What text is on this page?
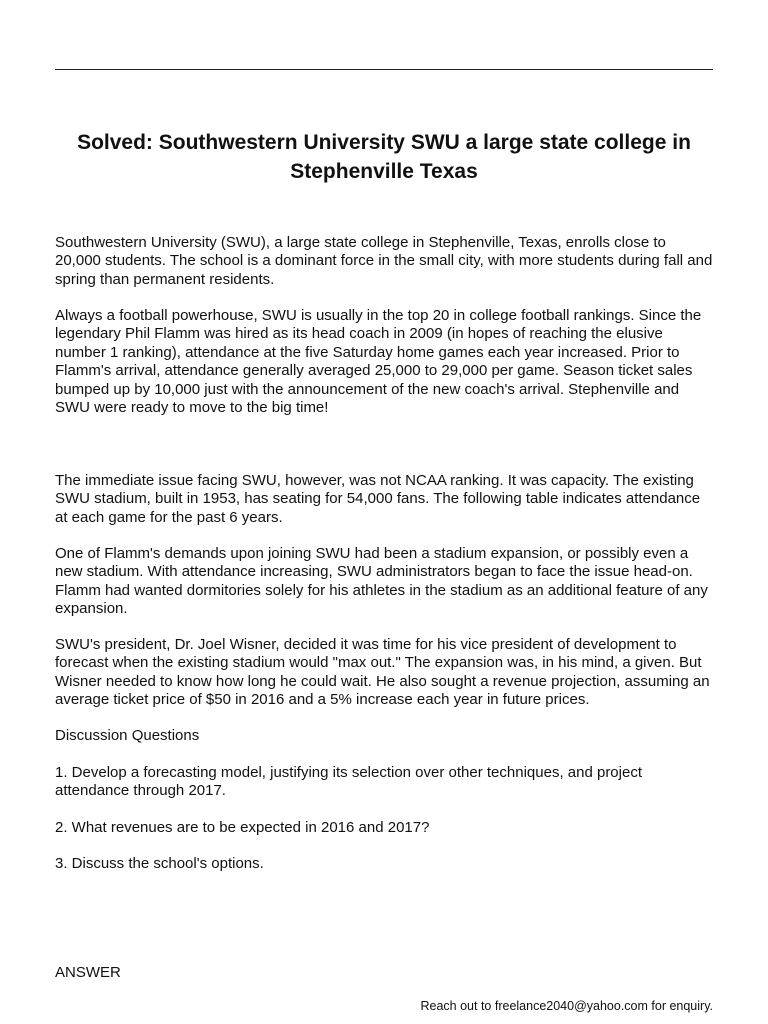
Solved: Southwestern University SWU a large state college in Stephenville Texas

Southwestern University (SWU), a large state college in Stephenville, Texas, enrolls close to 20,000 students. The school is a dominant force in the small city, with more students during fall and spring than permanent residents.

Always a football powerhouse, SWU is usually in the top 20 in college football rankings. Since the legendary Phil Flamm was hired as its head coach in 2009 (in hopes of reaching the elusive number 1 ranking), attendance at the five Saturday home games each year increased. Prior to Flamm's arrival, attendance generally averaged 25,000 to 29,000 per game. Season ticket sales bumped up by 10,000 just with the announcement of the new coach's arrival. Stephenville and SWU were ready to move to the big time!

The immediate issue facing SWU, however, was not NCAA ranking. It was capacity. The existing SWU stadium, built in 1953, has seating for 54,000 fans. The following table indicates attendance at each game for the past 6 years.

One of Flamm's demands upon joining SWU had been a stadium expansion, or possibly even a new stadium. With attendance increasing, SWU administrators began to face the issue head-on. Flamm had wanted dormitories solely for his athletes in the stadium as an additional feature of any expansion.

SWU's president, Dr. Joel Wisner, decided it was time for his vice president of development to forecast when the existing stadium would "max out." The expansion was, in his mind, a given. But Wisner needed to know how long he could wait. He also sought a revenue projection, assuming an average ticket price of $50 in 2016 and a 5% increase each year in future prices.

Discussion Questions

1. Develop a forecasting model, justifying its selection over other techniques, and project attendance through 2017.

2. What revenues are to be expected in 2016 and 2017?

3. Discuss the school's options.

ANSWER

Reach out to freelance2040@yahoo.com for enquiry.
